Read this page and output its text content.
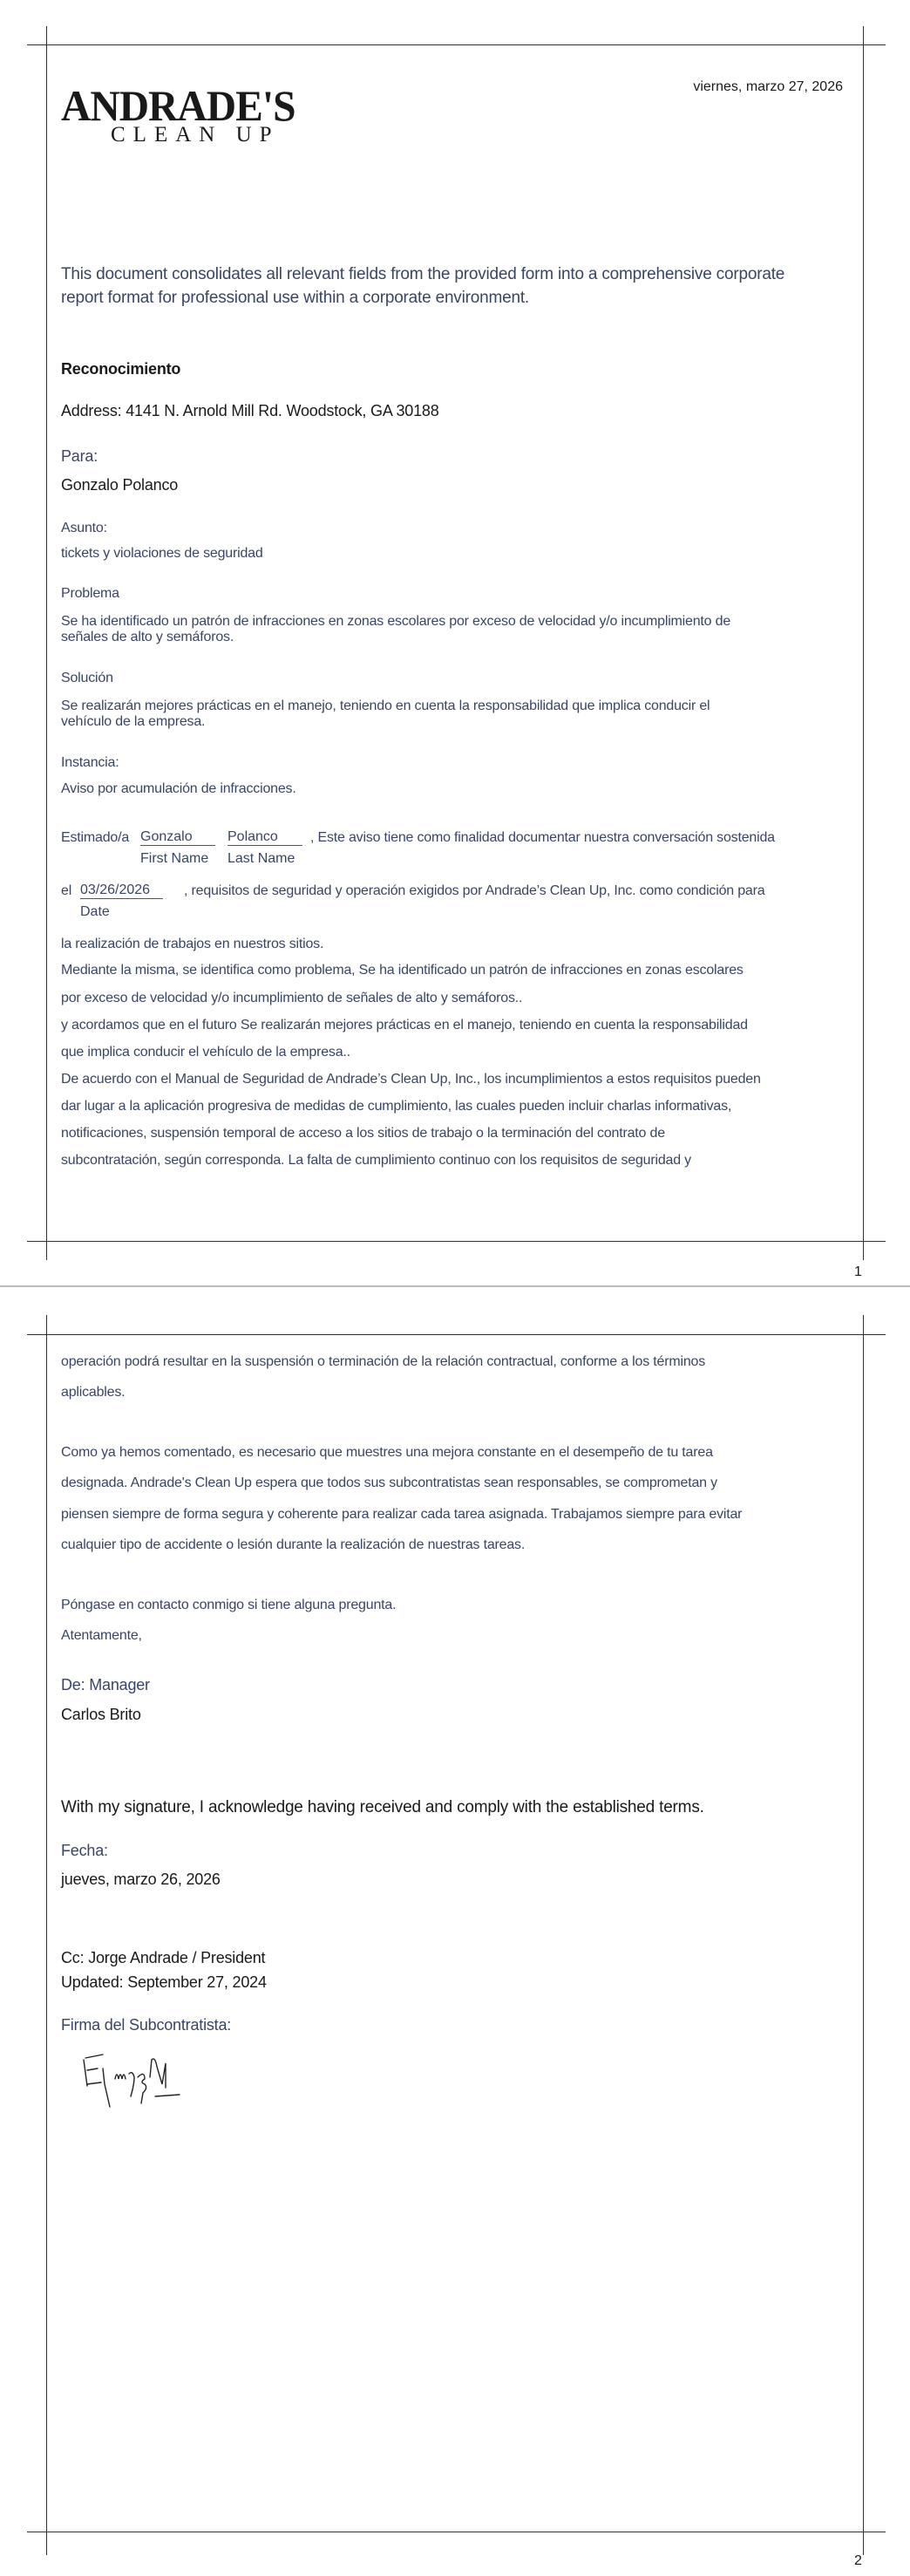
ANDRADE'S
CLEAN UP
viernes, marzo 27, 2026
This document consolidates all relevant fields from the provided form into a comprehensive corporate
report format for professional use within a corporate environment.
Reconocimiento
Address: 4141 N. Arnold Mill Rd. Woodstock, GA 30188
Para:
Gonzalo Polanco
Asunto:
tickets y violaciones de seguridad
Problema
Se ha identificado un patrón de infracciones en zonas escolares por exceso de velocidad y/o incumplimiento de
señales de alto y semáforos.
Solución
Se realizarán mejores prácticas en el manejo, teniendo en cuenta la responsabilidad que implica conducir el
vehículo de la empresa.
Instancia:
Aviso por acumulación de infracciones.
Estimado/a Gonzalo	Polanco	, Este aviso tiene como finalidad documentar nuestra conversación sostenida
First Name Last Name
el 03/26/2026	, requisitos de seguridad y operación exigidos por Andrade’s Clean Up, Inc. como condición para
Date
la realización de trabajos en nuestros sitios.
Mediante la misma, se identifica como problema, Se ha identificado un patrón de infracciones en zonas escolares
por exceso de velocidad y/o incumplimiento de señales de alto y semáforos..
y acordamos que en el futuro Se realizarán mejores prácticas en el manejo, teniendo en cuenta la responsabilidad
que implica conducir el vehículo de la empresa..
De acuerdo con el Manual de Seguridad de Andrade’s Clean Up, Inc., los incumplimientos a estos requisitos pueden
dar lugar a la aplicación progresiva de medidas de cumplimiento, las cuales pueden incluir charlas informativas,
notificaciones, suspensión temporal de acceso a los sitios de trabajo o la terminación del contrato de
subcontratación, según corresponda. La falta de cumplimiento continuo con los requisitos de seguridad y
1
operación podrá resultar en la suspensión o terminación de la relación contractual, conforme a los términos
aplicables.
Como ya hemos comentado, es necesario que muestres una mejora constante en el desempeño de tu tarea
designada. Andrade's Clean Up espera que todos sus subcontratistas sean responsables, se comprometan y
piensen siempre de forma segura y coherente para realizar cada tarea asignada. Trabajamos siempre para evitar
cualquier tipo de accidente o lesión durante la realización de nuestras tareas.
Póngase en contacto conmigo si tiene alguna pregunta.
Atentamente,
De: Manager
Carlos Brito
With my signature, I acknowledge having received and comply with the established terms.
Fecha:
jueves, marzo 26, 2026
Cc: Jorge Andrade / President
Updated: September 27, 2024
Firma del Subcontratista:
2
